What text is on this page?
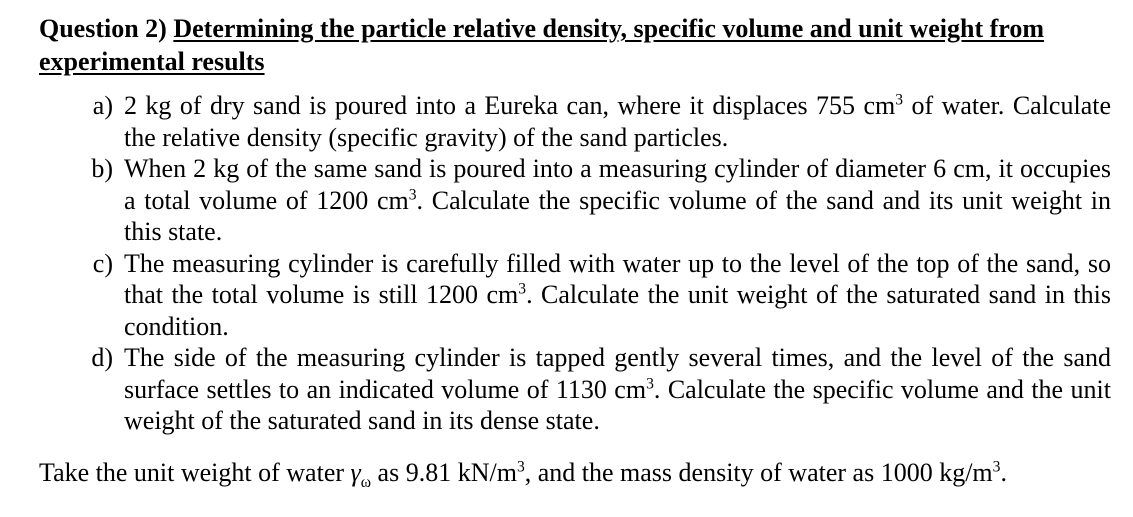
Question 2) Determining the particle relative density, specific volume and unit weight from experimental results

a) 2 kg of dry sand is poured into a Eureka can, where it displaces 755 $cm^3$ of water. Calculate the relative density (specific gravity) of the sand particles.
b) When 2 kg of the same sand is poured into a measuring cylinder of diameter 6 cm, it occupies a total volume of 1200 $cm^3$. Calculate the specific volume of the sand and its unit weight in this state.
c) The measuring cylinder is carefully filled with water up to the level of the top of the sand, so that the total volume is still 1200 $cm^3$. Calculate the unit weight of the saturated sand in this condition.
d) The side of the measuring cylinder is tapped gently several times, and the level of the sand surface settles to an indicated volume of 1130 $cm^3$. Calculate the specific volume and the unit weight of the saturated sand in its dense state.

Take the unit weight of water $\gamma_\omega$ as 9.81 $kN/m^3$, and the mass density of water as 1000 $kg/m^3$.
